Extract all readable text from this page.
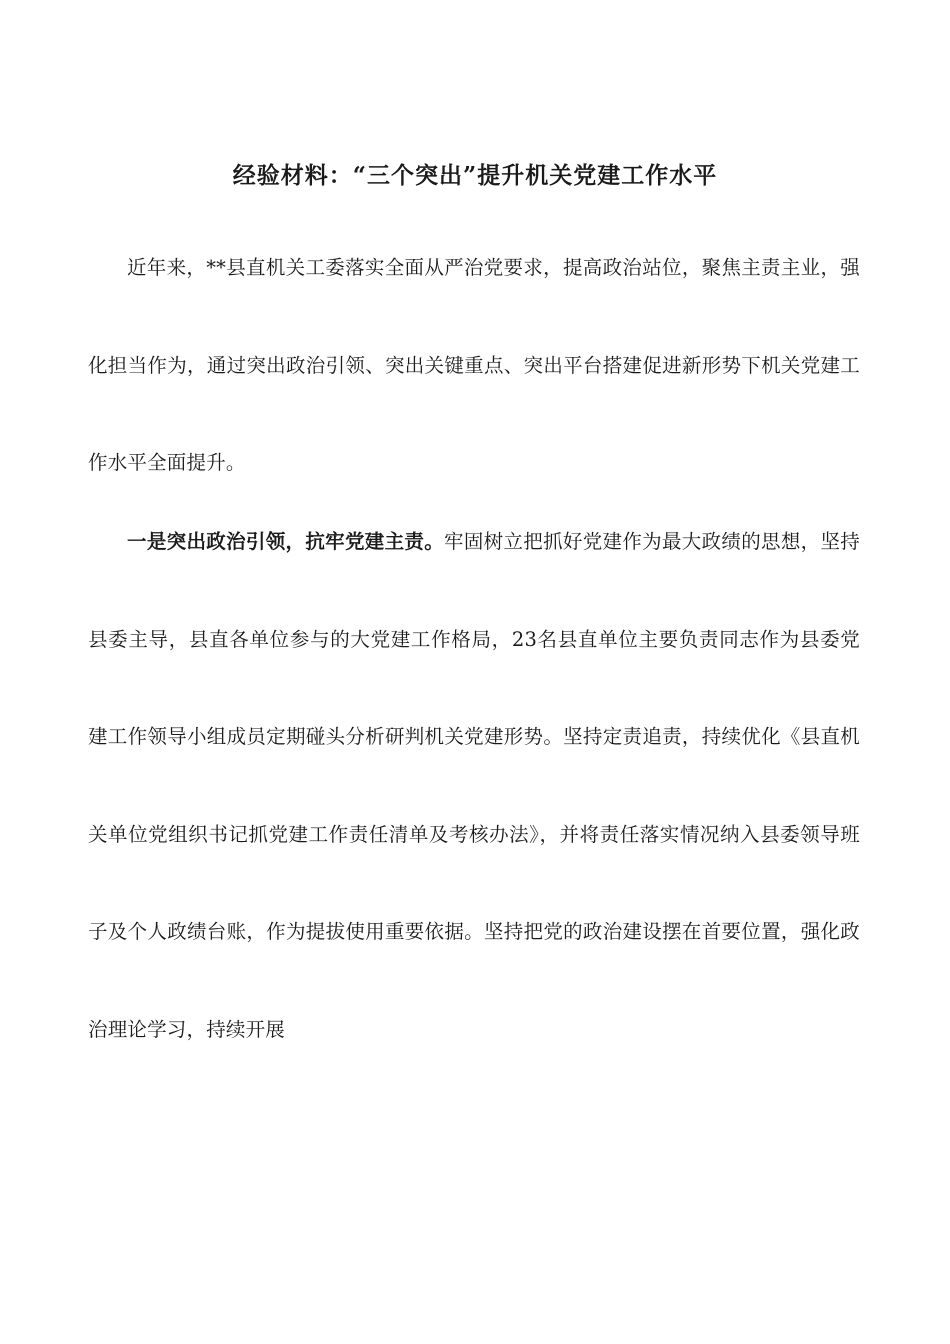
经验材料：“三个突出”提升机关党建工作水平

近年来，**县直机关工委落实全面从严治党要求，提高政治站位，聚焦主责主业，强化担当作为，通过突出政治引领、突出关键重点、突出平台搭建促进新形势下机关党建工作水平全面提升。

一是突出政治引领，抗牢党建主责。牢固树立把抓好党建作为最大政绩的思想，坚持县委主导，县直各单位参与的大党建工作格局，23名县直单位主要负责同志作为县委党建工作领导小组成员定期碰头分析研判机关党建形势。坚持定责追责，持续优化《县直机关单位党组织书记抓党建工作责任清单及考核办法》，并将责任落实情况纳入县委领导班子及个人政绩台账，作为提拔使用重要依据。坚持把党的政治建设摆在首要位置，强化政治理论学习，持续开展
